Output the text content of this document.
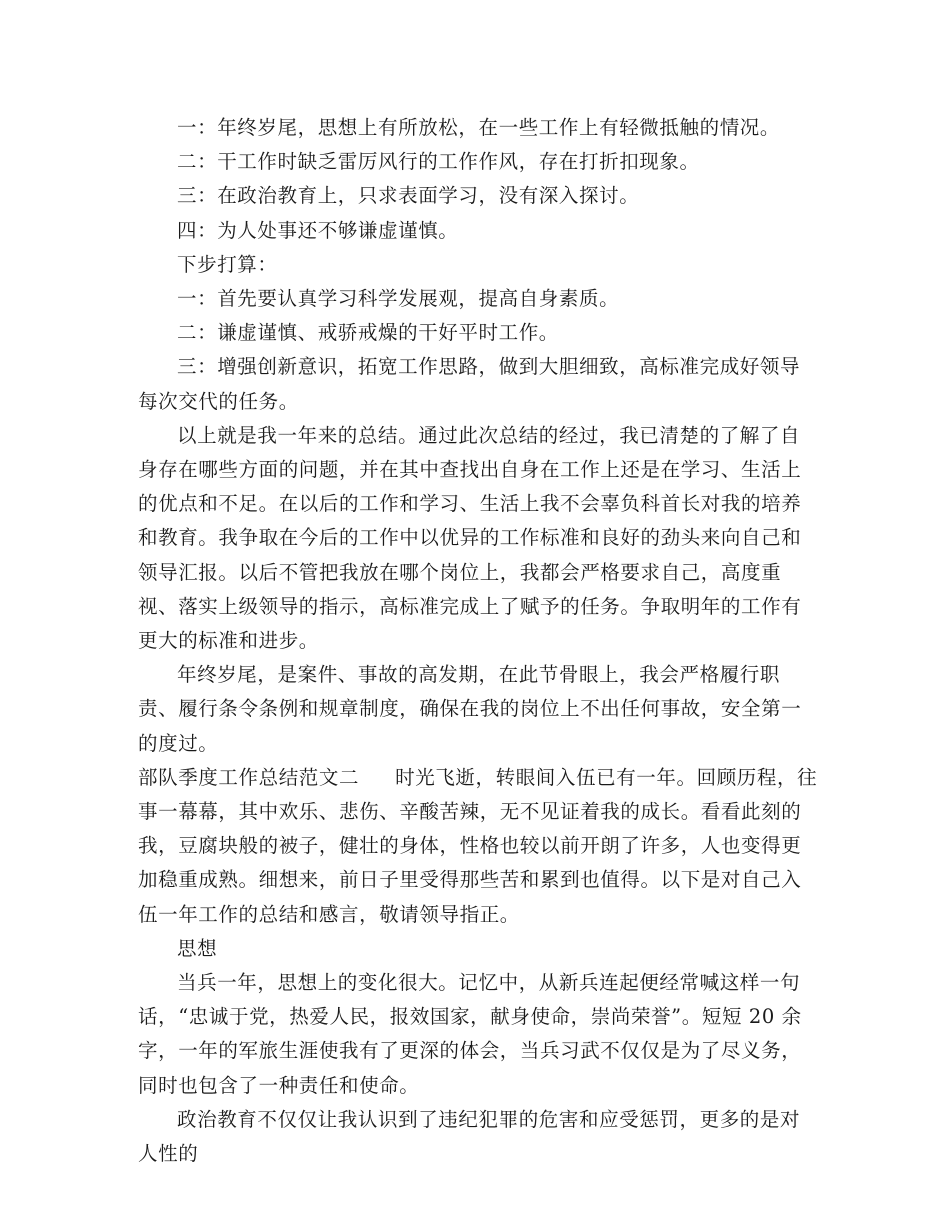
一：年终岁尾，思想上有所放松，在一些工作上有轻微抵触的情况。

二：干工作时缺乏雷厉风行的工作作风，存在打折扣现象。

三：在政治教育上，只求表面学习，没有深入探讨。

四：为人处事还不够谦虚谨慎。

下步打算：

一：首先要认真学习科学发展观，提高自身素质。

二：谦虚谨慎、戒骄戒燥的干好平时工作。

三：增强创新意识，拓宽工作思路，做到大胆细致，高标准完成好领导每次交代的任务。

以上就是我一年来的总结。通过此次总结的经过，我已清楚的了解了自身存在哪些方面的问题，并在其中查找出自身在工作上还是在学习、生活上的优点和不足。在以后的工作和学习、生活上我不会辜负科首长对我的培养和教育。我争取在今后的工作中以优异的工作标准和良好的劲头来向自己和领导汇报。以后不管把我放在哪个岗位上，我都会严格要求自己，高度重视、落实上级领导的指示，高标准完成上了赋予的任务。争取明年的工作有更大的标准和进步。

年终岁尾，是案件、事故的高发期，在此节骨眼上，我会严格履行职责、履行条令条例和规章制度，确保在我的岗位上不出任何事故，安全第一的度过。

部队季度工作总结范文二 时光飞逝，转眼间入伍已有一年。回顾历程，往事一幕幕，其中欢乐、悲伤、辛酸苦辣，无不见证着我的成长。看看此刻的我，豆腐块般的被子，健壮的身体，性格也较以前开朗了许多，人也变得更加稳重成熟。细想来，前日子里受得那些苦和累到也值得。以下是对自己入伍一年工作的总结和感言，敬请领导指正。

思想

当兵一年，思想上的变化很大。记忆中，从新兵连起便经常喊这样一句话，“忠诚于党，热爱人民，报效国家，献身使命，崇尚荣誉”。短短 20 余字，一年的军旅生涯使我有了更深的体会，当兵习武不仅仅是为了尽义务，同时也包含了一种责任和使命。

政治教育不仅仅让我认识到了违纪犯罪的危害和应受惩罚，更多的是对人性的
